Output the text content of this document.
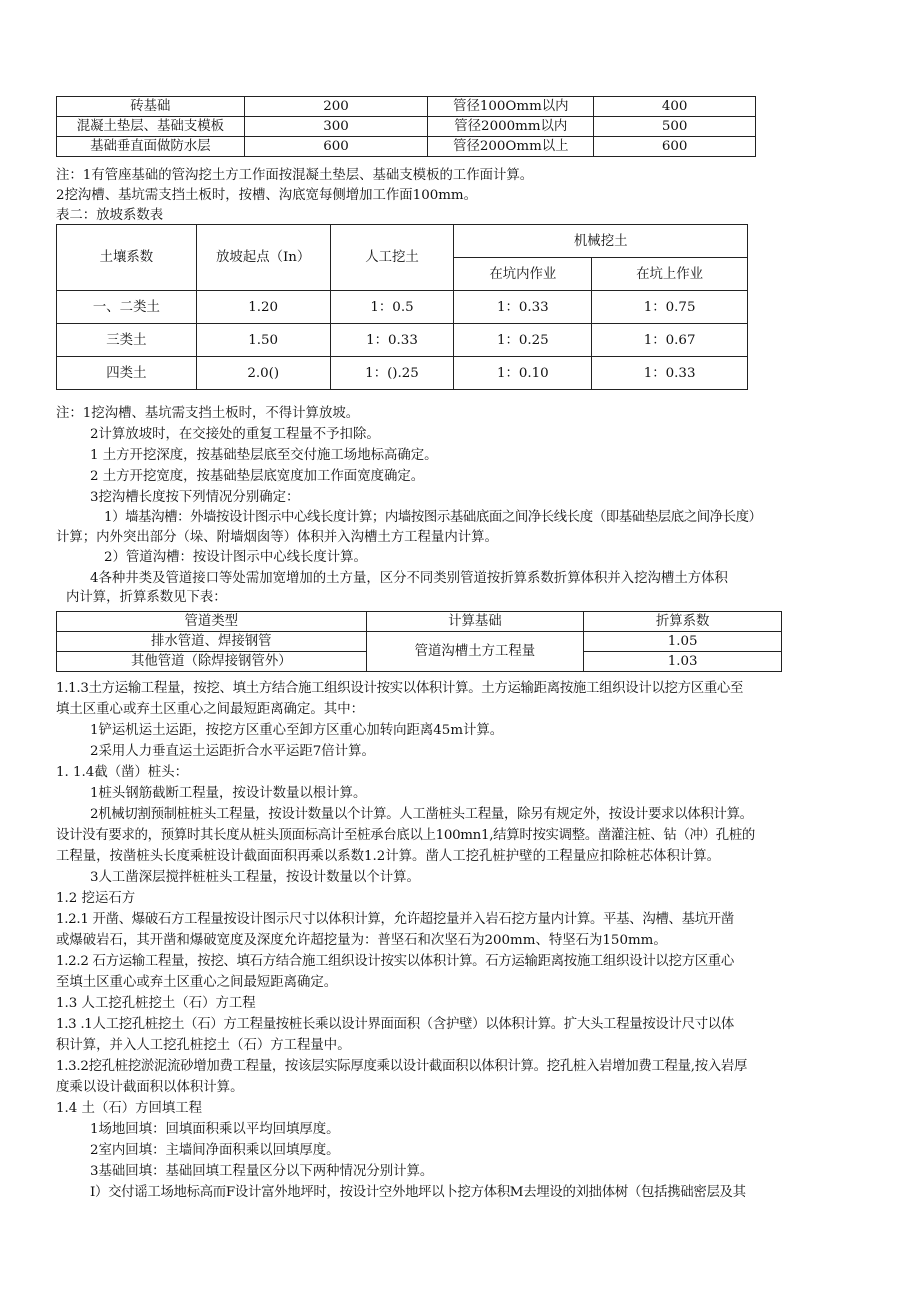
砖基础	200	管径100Omm以内	400
混凝土垫层、基础支模板	300	管径2000mm以内	500
基础垂直面做防水层	600	管径200Omm以上	600
注：1有管座基础的管沟挖土方工作面按混凝土垫层、基础支模板的工作面计算。
2挖沟槽、基坑需支挡土板时，按槽、沟底宽每侧增加工作面100mm。
表二：放坡系数表
土壤系数	放坡起点（In）	人工挖土	机械挖土	
			在坑内作业	在坑上作业
一、二类土	1.20	1：0.5	1：0.33	1：0.75
三类土	1.50	1：0.33	1：0.25	1：0.67
四类土	2.0()	1：().25	1：0.10	1：0.33
注：1挖沟槽、基坑需支挡土板时，不得计算放坡。
2计算放坡时，在交接处的重复工程量不予扣除。
1 土方开挖深度，按基础垫层底至交付施工场地标高确定。
2 土方开挖宽度，按基础垫层底宽度加工作面宽度确定。
3挖沟槽长度按下列情况分别确定：
1）墙基沟槽：外墙按设计图示中心线长度计算；内墙按图示基础底面之间净长线长度（即基础垫层底之间净长度）
计算；内外突出部分（垛、附墙烟囱等）体积并入沟槽土方工程量内计算。
2）管道沟槽：按设计图示中心线长度计算。
4各种井类及管道接口等处需加宽增加的土方量，区分不同类别管道按折算系数折算体积并入挖沟槽土方体积
内计算，折算系数见下表：
管道类型	计算基础	折算系数
排水管道、焊接钢管	管道沟槽土方工程量	1.05
其他管道（除焊接钢管外）		1.03
1.1.3土方运输工程量，按挖、填土方结合施工组织设计按实以体积计算。土方运输距离按施工组织设计以挖方区重心至
填土区重心或弃土区重心之间最短距离确定。其中：
1铲运机运土运距，按挖方区重心至卸方区重心加转向距离45m计算。
2采用人力垂直运土运距折合水平运距7倍计算。
1. 1.4截（凿）桩头：
1桩头钢筋截断工程量，按设计数量以根计算。
2机械切割预制桩桩头工程量，按设计数量以个计算。人工凿桩头工程量，除另有规定外，按设计要求以体积计算。
设计没有要求的，预算时其长度从桩头顶面标高计至桩承台底以上100mn1,结算时按实调整。凿灌注桩、钻（冲）孔桩的
工程量，按凿桩头长度乘桩设计截面面积再乘以系数1.2计算。凿人工挖孔桩护壁的工程量应扣除桩芯体积计算。
3人工凿深层搅拌桩桩头工程量，按设计数量以个计算。
1.2 挖运石方
1.2.1 开凿、爆破石方工程量按设计图示尺寸以体积计算，允许超挖量并入岩石挖方量内计算。平基、沟槽、基坑开凿
或爆破岩石，其开凿和爆破宽度及深度允许超挖量为：普坚石和次坚石为200mm、特坚石为150mm。
1.2.2 石方运输工程量，按挖、填石方结合施工组织设计按实以体积计算。石方运输距离按施工组织设计以挖方区重心
至填土区重心或弃土区重心之间最短距离确定。
1.3 人工挖孔桩挖土（石）方工程
1.3 .1人工挖孔桩挖土（石）方工程量按桩长乘以设计界面面积（含护壁）以体积计算。扩大头工程量按设计尺寸以体
积计算，并入人工挖孔桩挖土（石）方工程量中。
1.3.2挖孔桩挖淤泥流砂增加费工程量，按该层实际厚度乘以设计截面积以体积计算。挖孔桩入岩增加费工程量,按入岩厚
度乘以设计截面积以体积计算。
1.4 土（石）方回填工程
1场地回填：回填面积乘以平均回填厚度。
2室内回填：主墙间净面积乘以回填厚度。
3基础回填：基础回填工程量区分以下两种情况分别计算。
I）交付谣工场地标高而F设计富外地坪时，按设计空外地坪以卜挖方体积M去埋设的刘拙体树（包括携础密层及其
